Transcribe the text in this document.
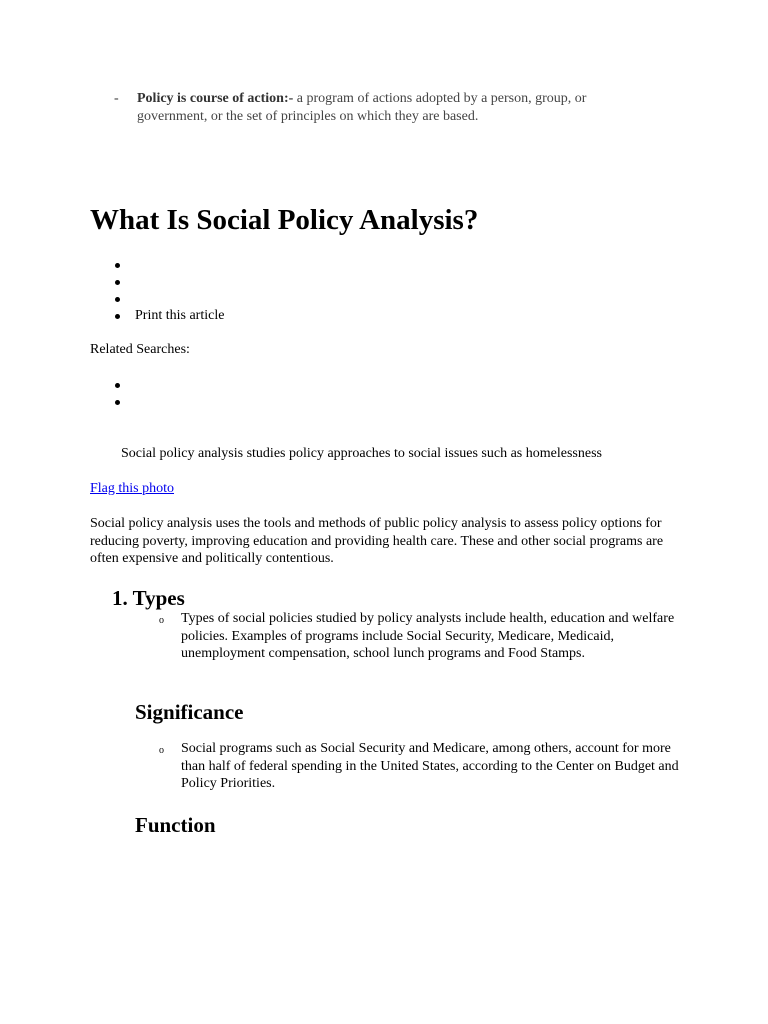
- Policy is course of action:- a program of actions adopted by a person, group, or government, or the set of principles on which they are based.
What Is Social Policy Analysis?
Print this article
Related Searches:
Social policy analysis studies policy approaches to social issues such as homelessness
Flag this photo
Social policy analysis uses the tools and methods of public policy analysis to assess policy options for reducing poverty, improving education and providing health care. These and other social programs are often expensive and politically contentious.
1. Types
o Types of social policies studied by policy analysts include health, education and welfare policies. Examples of programs include Social Security, Medicare, Medicaid, unemployment compensation, school lunch programs and Food Stamps.
Significance
o Social programs such as Social Security and Medicare, among others, account for more than half of federal spending in the United States, according to the Center on Budget and Policy Priorities.
Function
